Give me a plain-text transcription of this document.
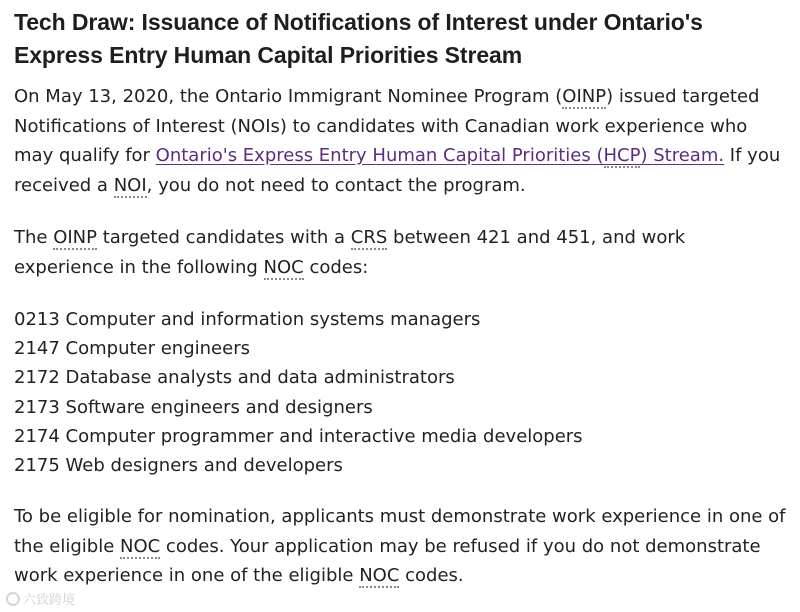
Tech Draw: Issuance of Notifications of Interest under Ontario's Express Entry Human Capital Priorities Stream

On May 13, 2020, the Ontario Immigrant Nominee Program (OINP) issued targeted Notifications of Interest (NOIs) to candidates with Canadian work experience who may qualify for Ontario's Express Entry Human Capital Priorities (HCP) Stream. If you received a NOI, you do not need to contact the program.

The OINP targeted candidates with a CRS between 421 and 451, and work experience in the following NOC codes:

0213 Computer and information systems managers
2147 Computer engineers
2172 Database analysts and data administrators
2173 Software engineers and designers
2174 Computer programmer and interactive media developers
2175 Web designers and developers

To be eligible for nomination, applicants must demonstrate work experience in one of the eligible NOC codes. Your application may be refused if you do not demonstrate work experience in one of the eligible NOC codes.

六致跨境
